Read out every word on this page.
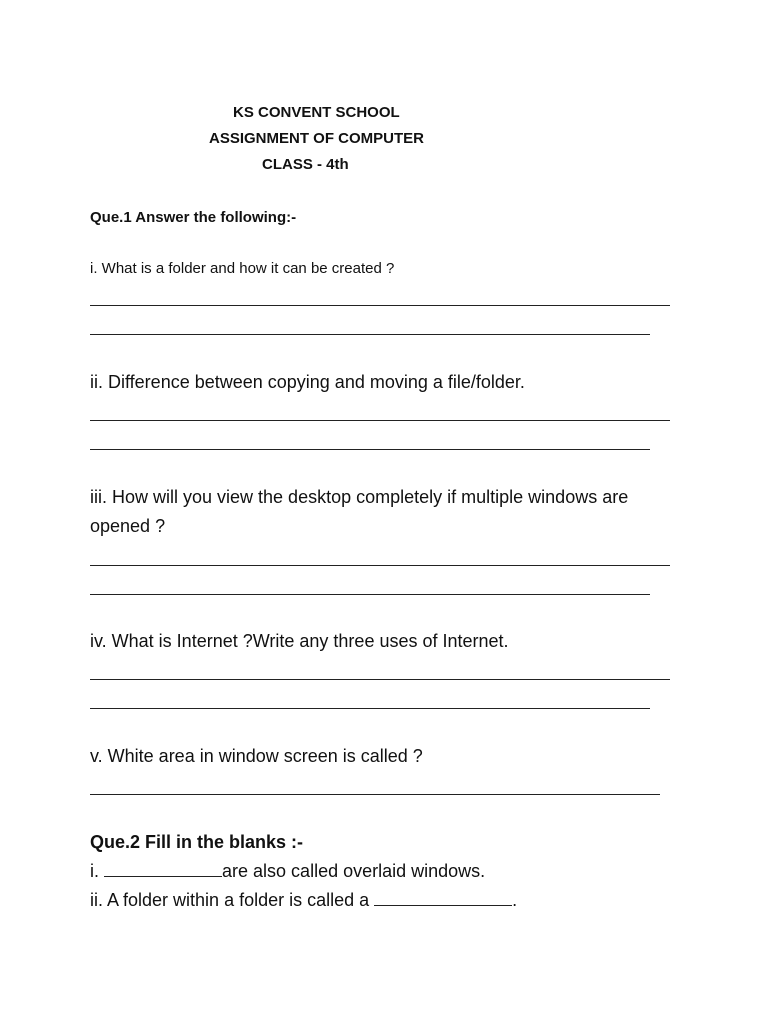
KS CONVENT SCHOOL
ASSIGNMENT OF COMPUTER
CLASS - 4th
Que.1 Answer the following:-
i. What is a folder and how it can be created ?
ii. Difference between copying and moving a file/folder.
iii. How will you view the desktop completely if multiple windows are
opened ?
iv. What is Internet ?Write any three uses of Internet.
v. White area in window screen is called ?
Que.2 Fill in the blanks :-
i.	are also called overlaid windows.
ii. A folder within a folder is called a	.
